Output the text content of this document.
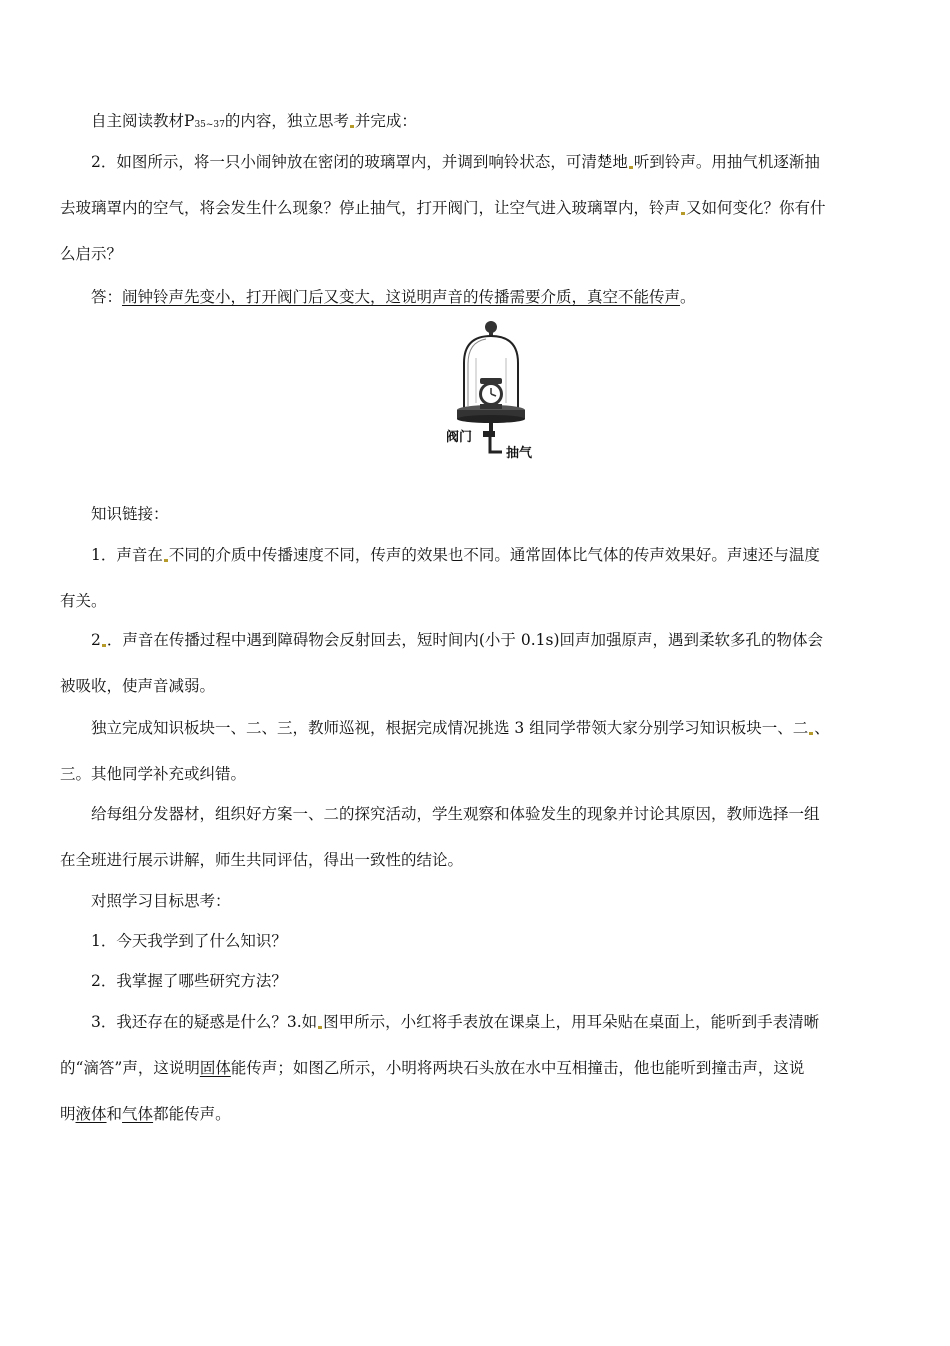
自主阅读教材P35~37的内容，独立思考 并完成：

2．如图所示，将一只小闹钟放在密闭的玻璃罩内，并调到响铃状态，可清楚地 听到铃声。用抽气机逐渐抽
去玻璃罩内的空气，将会发生什么现象？停止抽气，打开阀门，让空气进入玻璃罩内，铃声 又如何变化？你有什
么启示？

答：闹钟铃声先变小，打开阀门后又变大，这说明声音的传播需要介质，真空不能传声。

阀门
抽气

知识链接：

1．声音在 不同的介质中传播速度不同，传声的效果也不同。通常固体比气体的传声效果好。声速还与温度
有关。

2 ．声音在传播过程中遇到障碍物会反射回去，短时间内(小于 0.1s)回声加强原声，遇到柔软多孔的物体会
被吸收，使声音减弱。

独立完成知识板块一、二、三，教师巡视，根据完成情况挑选 3 组同学带领大家分别学习知识板块一、二 、
三。其他同学补充或纠错。

给每组分发器材，组织好方案一、二的探究活动，学生观察和体验发生的现象并讨论其原因，教师选择一组
在全班进行展示讲解，师生共同评估，得出一致性的结论。

对照学习目标思考：

1．今天我学到了什么知识？

2．我掌握了哪些研究方法？

3．我还存在的疑惑是什么？3.如 图甲所示，小红将手表放在课桌上，用耳朵贴在桌面上，能听到手表清晰
的“滴答”声，这说明固体能传声；如图乙所示，小明将两块石头放在水中互相撞击，他也能听到撞击声，这说
明液体和气体都能传声。
